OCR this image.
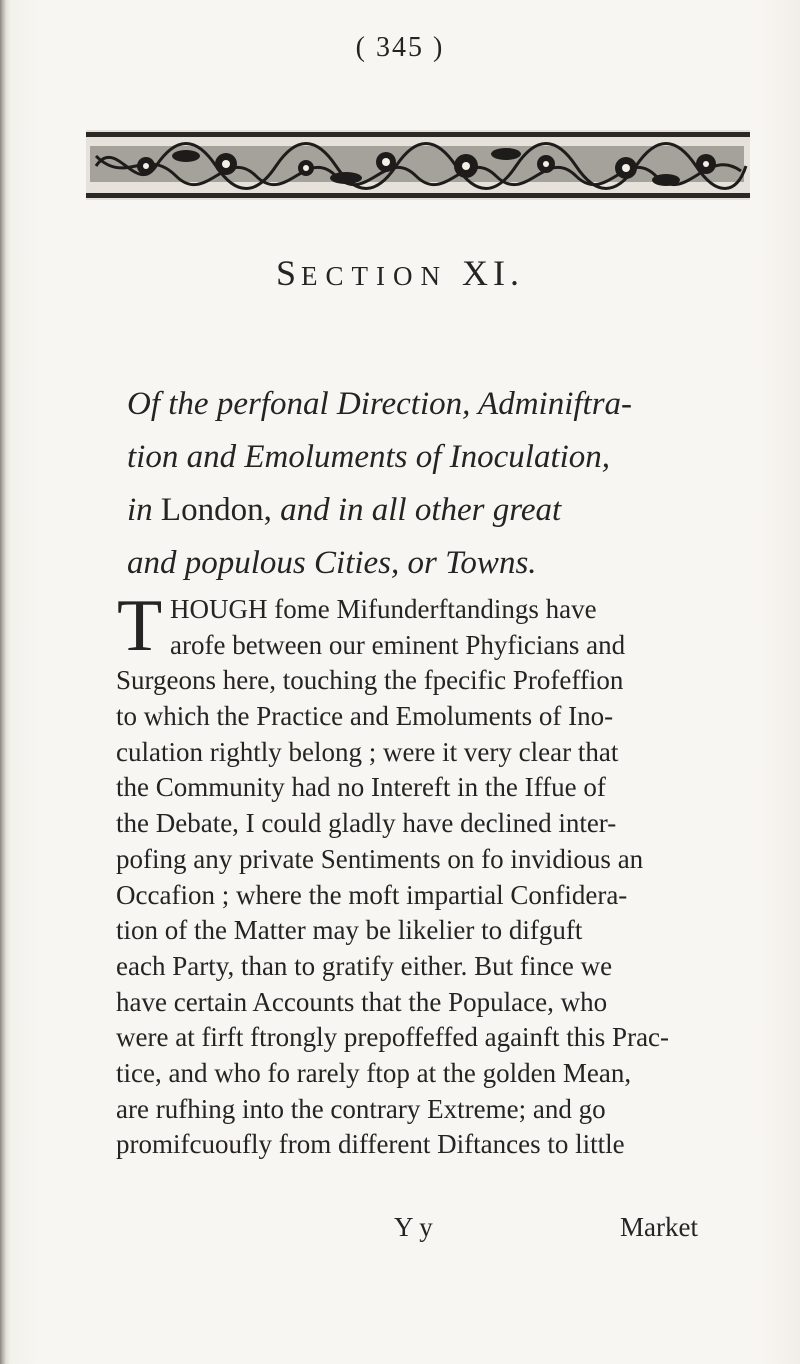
( 345 )
SECTION XI.
Of the perfonal Direction, Adminiftra-
tion and Emoluments of Inoculation,
in London, and in all other great
and populous Cities, or Towns.
T HOUGH fome Mifunderftandings have
arofe between our eminent Phyficians and
Surgeons here, touching the fpecific Profeffion
to which the Practice and Emoluments of Ino-
culation rightly belong ; were it very clear that
the Community had no Intereft in the Iffue of
the Debate, I could gladly have declined inter-
pofing any private Sentiments on fo invidious an
Occafion ; where the moft impartial Confidera-
tion of the Matter may be likelier to difguft
each Party, than to gratify either. But fince we
have certain Accounts that the Populace, who
were at firft ftrongly prepoffeffed againft this Prac-
tice, and who fo rarely ftop at the golden Mean,
are rufhing into the contrary Extreme; and go
promifcuoufly from different Diftances to little
Y y	Market
